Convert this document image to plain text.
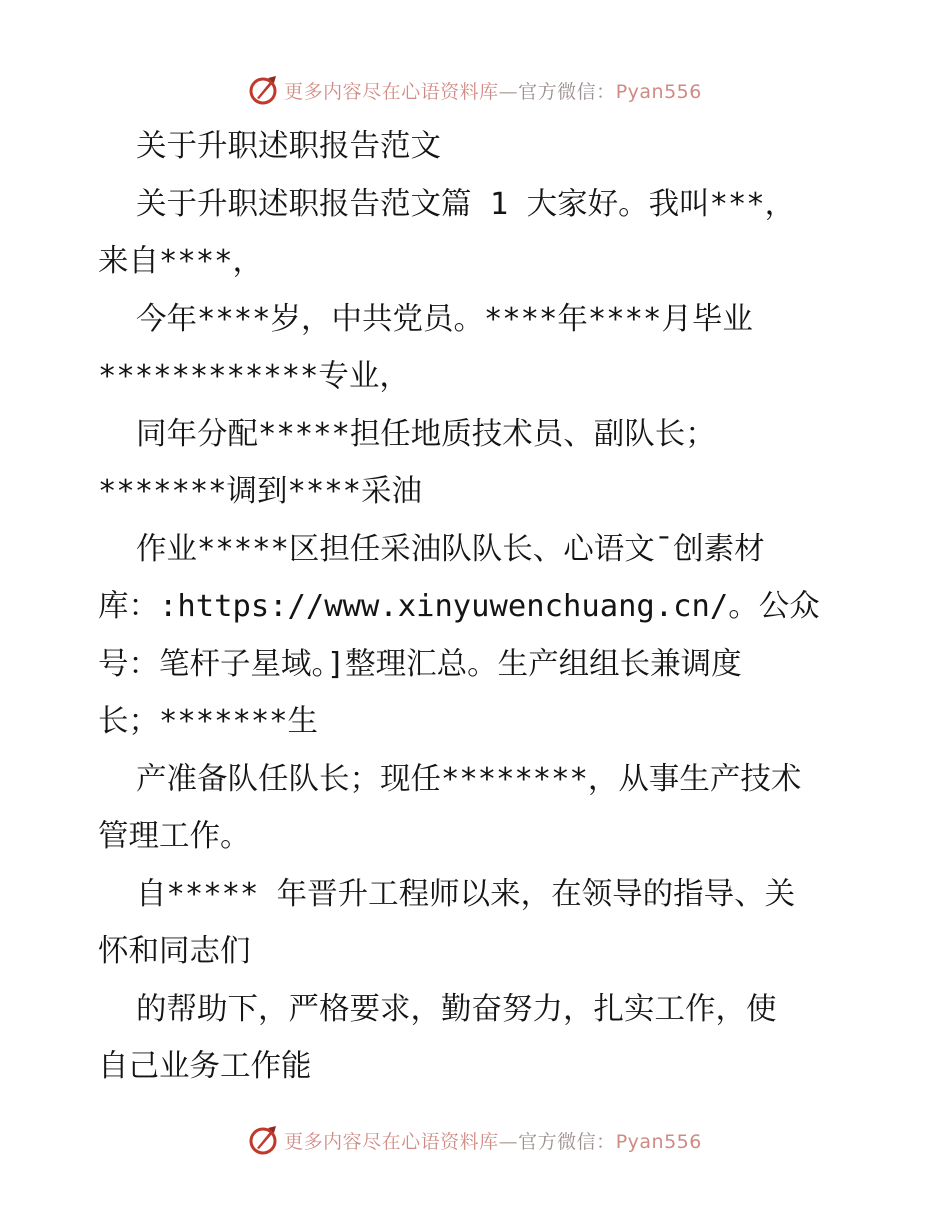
更多内容尽在心语资料库—官方微信：Pyan556
关于升职述职报告范文
关于升职述职报告范文篇 1 大家好。我叫***，
来自****，
今年****岁，中共党员。****年****月毕业
************专业，
同年分配*****担任地质技术员、副队长；
*******调到****采油
作业*****区担任采油队队长、心语文¯创素材
库：:https://www.xinyuwenchuang.cn/。公众
号：笔杆子星域。]整理汇总。生产组组长兼调度
长；*******生
产准备队任队长；现任********，从事生产技术
管理工作。
自***** 年晋升工程师以来，在领导的指导、关
怀和同志们
的帮助下，严格要求，勤奋努力，扎实工作，使
自己业务工作能
更多内容尽在心语资料库—官方微信：Pyan556
